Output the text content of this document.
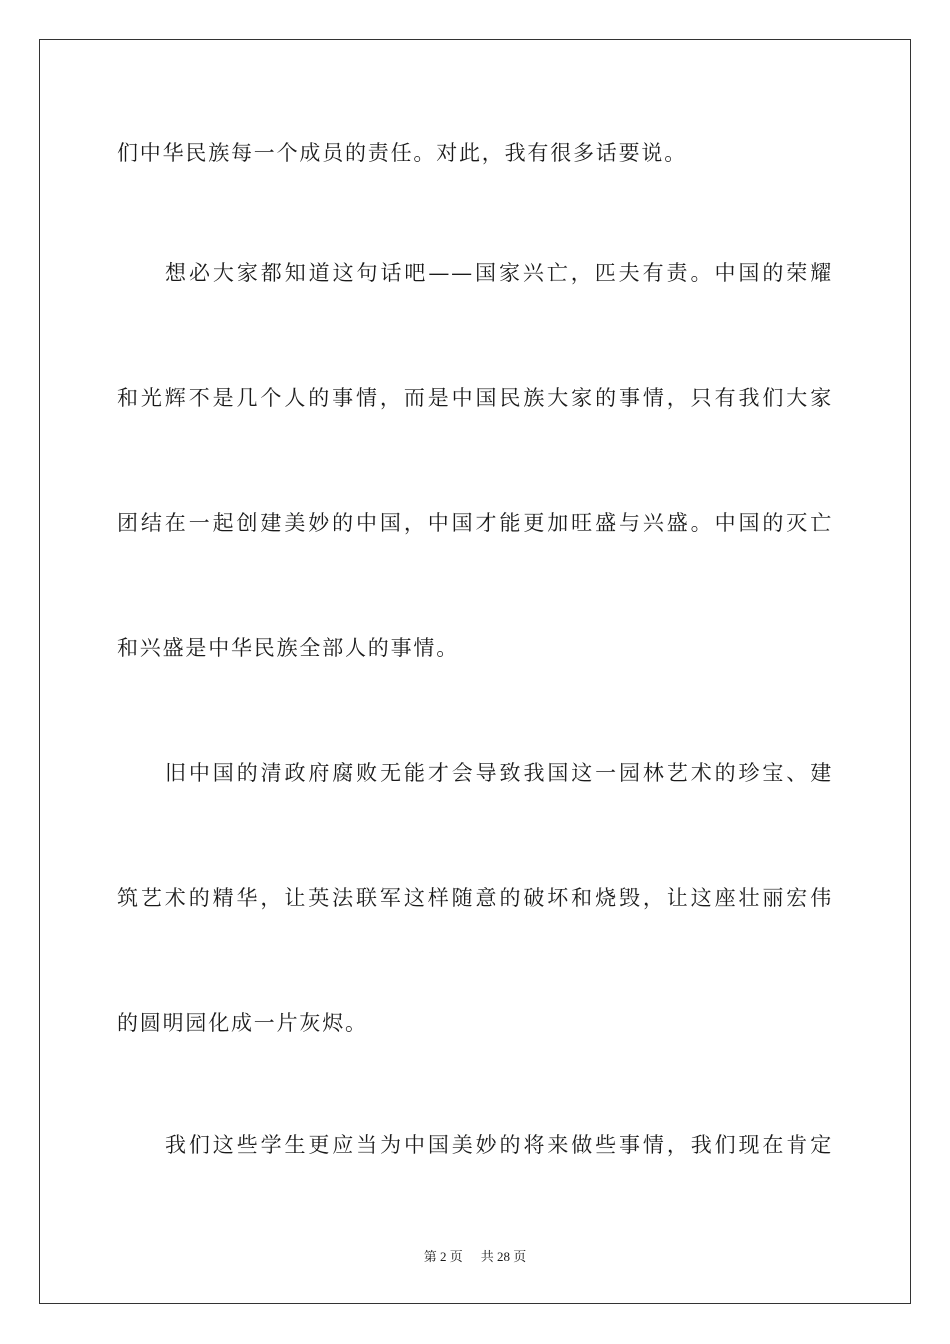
们中华民族每一个成员的责任。对此，我有很多话要说。
想必大家都知道这句话吧——国家兴亡，匹夫有责。中国的荣耀
和光辉不是几个人的事情，而是中国民族大家的事情，只有我们大家
团结在一起创建美妙的中国，中国才能更加旺盛与兴盛。中国的灭亡
和兴盛是中华民族全部人的事情。
旧中国的清政府腐败无能才会导致我国这一园林艺术的珍宝、建
筑艺术的精华，让英法联军这样随意的破坏和烧毁，让这座壮丽宏伟
的圆明园化成一片灰烬。
我们这些学生更应当为中国美妙的将来做些事情，我们现在肯定
第 2 页 共 28 页
